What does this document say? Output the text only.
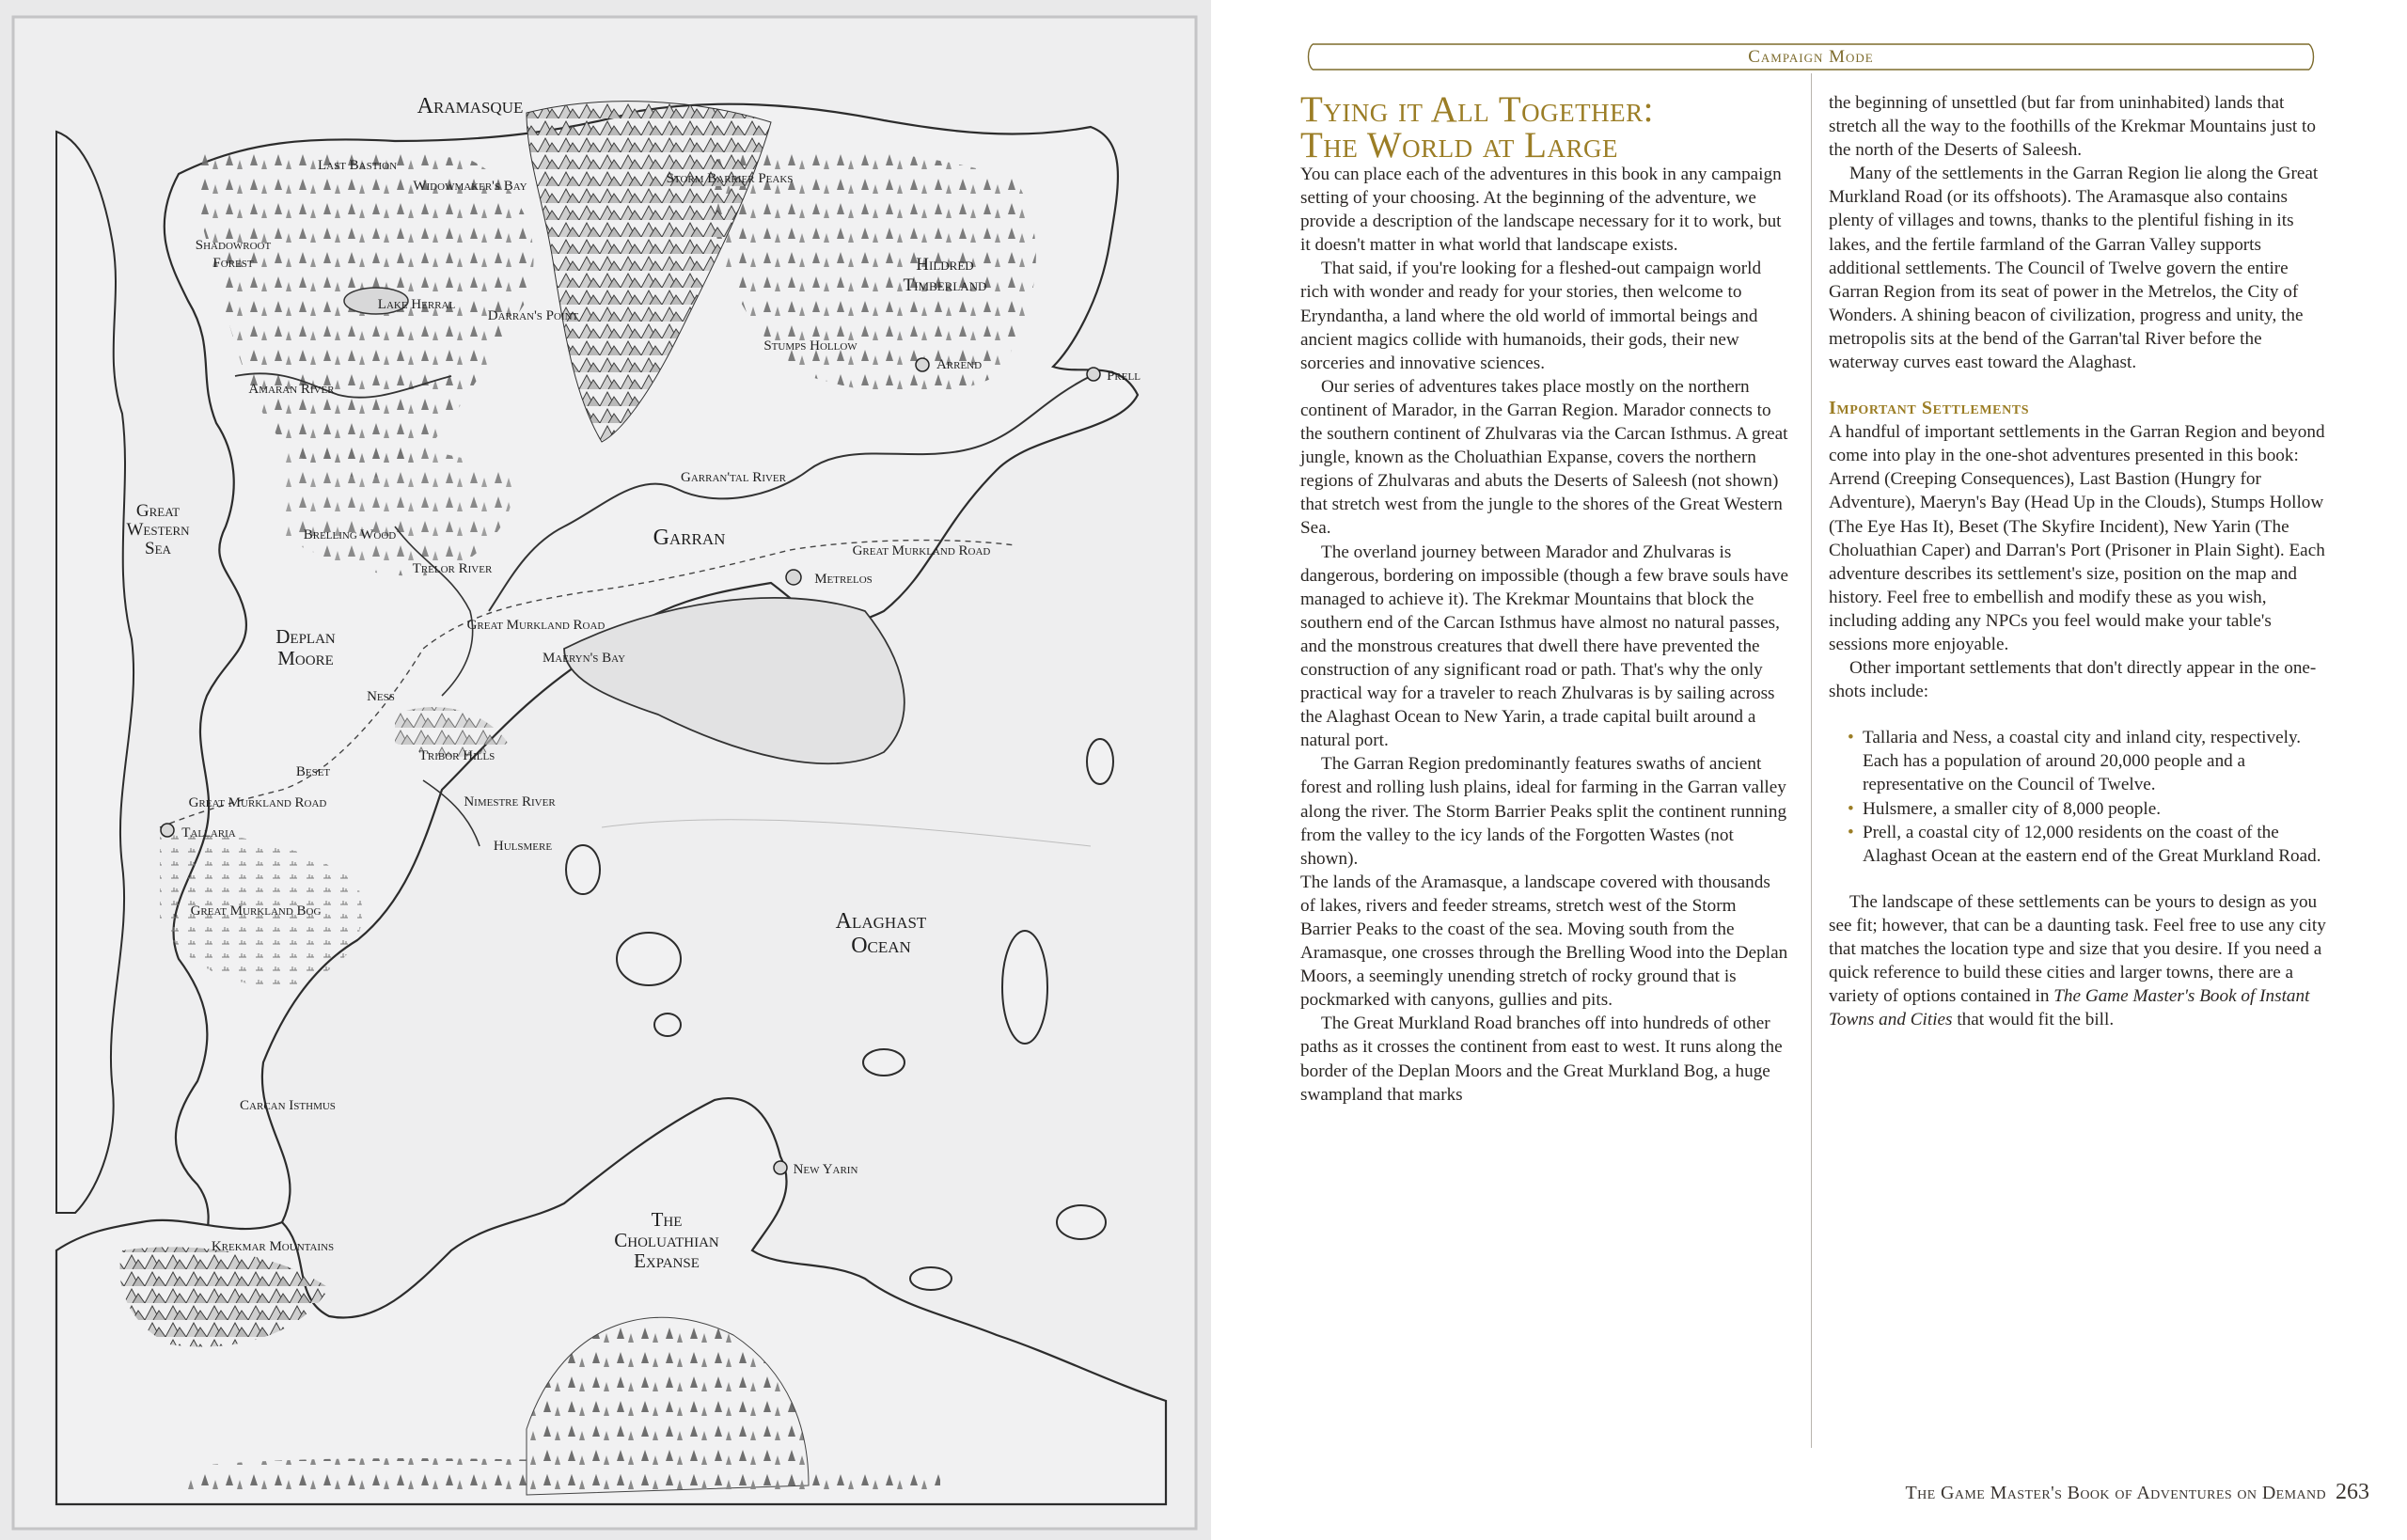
Aramasque
Last Bastion
Widowmaker's Bay	Storm Barrier Peaks
Shadowroot
Forest	Hildred
Timberland
Lake Herral
Darran's Point
Stumps Hollow
Arrend
Prell
Amaran River
Garran'tal River
Great
Western
Sea
Brelling Wood	Garran
Great Murkland Road
Trelor River
Metrelos
Deplan
Moore
Great Murkland Road
Maeryn's Bay
Ness
Beset
Tribor Hills
Great Murkland Road	Nimestre River
Tallaria
Hulsmere
Great Murkland Bog	Alaghast
Ocean
Carcan Isthmus
New Yarin
The
Choluathian
Expanse
Krekmar Mountains
Campaign Mode
Tying it All Together:
The World at Large

You can place each of the adventures in this book in any campaign setting of your choosing. At the beginning of the adventure, we provide a description of the landscape necessary for it to work, but it doesn't matter in what world that landscape exists.

That said, if you're looking for a fleshed-out campaign world rich with wonder and ready for your stories, then welcome to Eryndantha, a land where the old world of immortal beings and ancient magics collide with humanoids, their gods, their new sorceries and innovative sciences.

Our series of adventures takes place mostly on the northern continent of Marador, in the Garran Region. Marador connects to the southern continent of Zhulvaras via the Carcan Isthmus. A great jungle, known as the Choluathian Expanse, covers the northern regions of Zhulvaras and abuts the Deserts of Saleesh (not shown) that stretch west from the jungle to the shores of the Great Western Sea.

The overland journey between Marador and Zhulvaras is dangerous, bordering on impossible (though a few brave souls have managed to achieve it). The Krekmar Mountains that block the southern end of the Carcan Isthmus have almost no natural passes, and the monstrous creatures that dwell there have prevented the construction of any significant road or path. That's why the only practical way for a traveler to reach Zhulvaras is by sailing across the Alaghast Ocean to New Yarin, a trade capital built around a natural port.

The Garran Region predominantly features swaths of ancient forest and rolling lush plains, ideal for farming in the Garran valley along the river. The Storm Barrier Peaks split the continent running from the valley to the icy lands of the Forgotten Wastes (not shown).

The lands of the Aramasque, a landscape covered with thousands of lakes, rivers and feeder streams, stretch west of the Storm Barrier Peaks to the coast of the sea. Moving south from the Aramasque, one crosses through the Brelling Wood into the Deplan Moors, a seemingly unending stretch of rocky ground that is pockmarked with canyons, gullies and pits.

The Great Murkland Road branches off into hundreds of other paths as it crosses the continent from east to west. It runs along the border of the Deplan Moors and the Great Murkland Bog, a huge swampland that marks

the beginning of unsettled (but far from uninhabited) lands that stretch all the way to the foothills of the Krekmar Mountains just to the north of the Deserts of Saleesh.

Many of the settlements in the Garran Region lie along the Great Murkland Road (or its offshoots). The Aramasque also contains plenty of villages and towns, thanks to the plentiful fishing in its lakes, and the fertile farmland of the Garran Valley supports additional settlements. The Council of Twelve govern the entire Garran Region from its seat of power in the Metrelos, the City of Wonders. A shining beacon of civilization, progress and unity, the metropolis sits at the bend of the Garran'tal River before the waterway curves east toward the Alaghast.

Important Settlements

A handful of important settlements in the Garran Region and beyond come into play in the one-shot adventures presented in this book: Arrend (Creeping Consequences), Last Bastion (Hungry for Adventure), Maeryn's Bay (Head Up in the Clouds), Stumps Hollow (The Eye Has It), Beset (The Skyfire Incident), New Yarin (The Choluathian Caper) and Darran's Port (Prisoner in Plain Sight). Each adventure describes its settlement's size, position on the map and history. Feel free to embellish and modify these as you wish, including adding any NPCs you feel would make your table's sessions more enjoyable.

Other important settlements that don't directly appear in the one-shots include:

• Tallaria and Ness, a coastal city and inland city, respectively. Each has a population of around 20,000 people and a representative on the Council of Twelve.
• Hulsmere, a smaller city of 8,000 people.
• Prell, a coastal city of 12,000 residents on the coast of the Alaghast Ocean at the eastern end of the Great Murkland Road.

The landscape of these settlements can be yours to design as you see fit; however, that can be a daunting task. Feel free to use any city that matches the location type and size that you desire. If you need a quick reference to build these cities and larger towns, there are a variety of options contained in The Game Master's Book of Instant Towns and Cities that would fit the bill.

The Game Master's Book of Adventures on Demand 263
